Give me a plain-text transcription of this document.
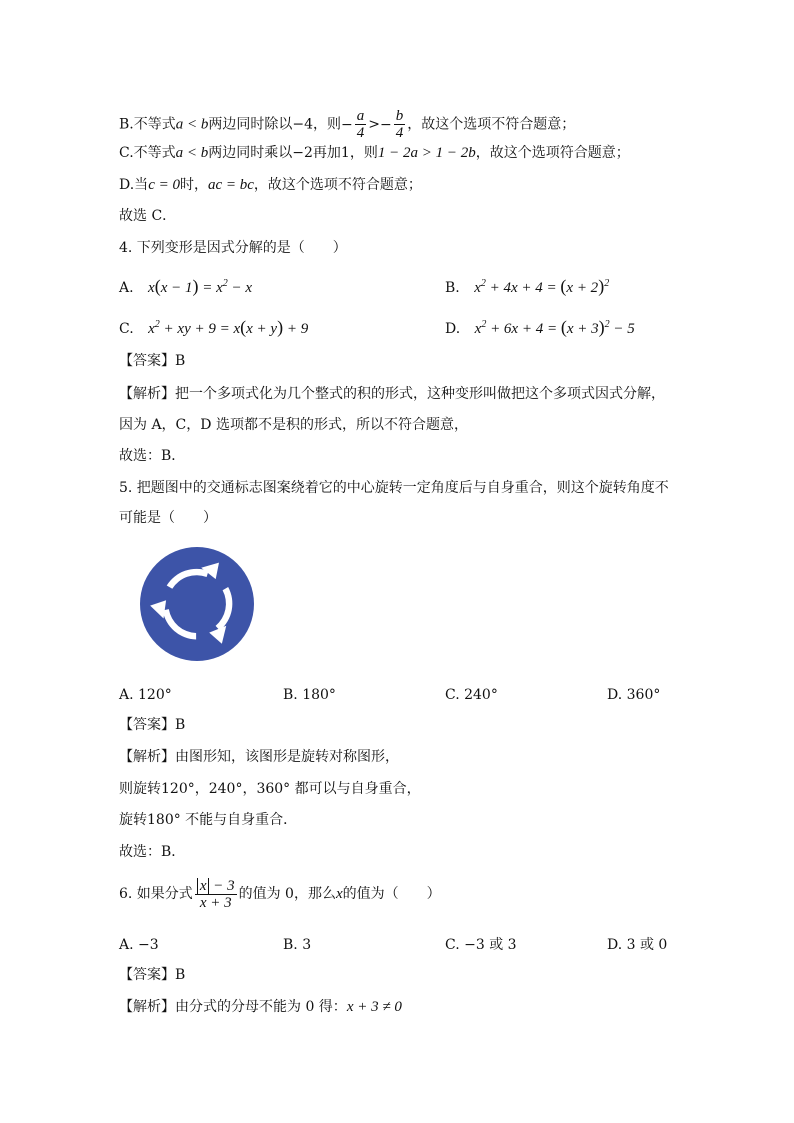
B.不等式a < b两边同时除以−4，则− $\frac{a}{4} >- \frac{b}{4}$ ，故这个选项不符合题意；
C.不等式a < b两边同时乘以−2再加1，则1 − 2a > 1 − 2b，故这个选项符合题意；
D.当c = 0时，ac = bc，故这个选项不符合题意；
故选 C．
4. 下列变形是因式分解的是（　　）
A. $x(x - 1) = x^2 - x$	B. $x^2 + 4x + 4 = (x + 2)^2$
C. $x^2$ + xy + 9 = x(x + y) + 9	D. $x^2 + 6x + 4 = (x + 3)^2 - 5$
【答案】B
【解析】把一个多项式化为几个整式的积的形式，这种变形叫做把这个多项式因式分解，
因为 A，C，D 选项都不是积的形式，所以不符合题意，
故选：B．
5. 把题图中的交通标志图案绕着它的中心旋转一定角度后与自身重合，则这个旋转角度不
可能是（　　）
A. 120°	B. 180°	C. 240°	D. 360°
【答案】B
【解析】由图形知，该图形是旋转对称图形，
则旋转120°，240°，360° 都可以与自身重合，
旋转180° 不能与自身重合．
故选：B．
6. 如果分式 $\frac{x - 3}{x + 3}$ 的值为 0，那么x的值为（　　）
A. −3	B. 3	C. −3 或 3	D. 3 或 0
【答案】B
【解析】由分式的分母不能为 0 得：x + 3 ≠ 0
